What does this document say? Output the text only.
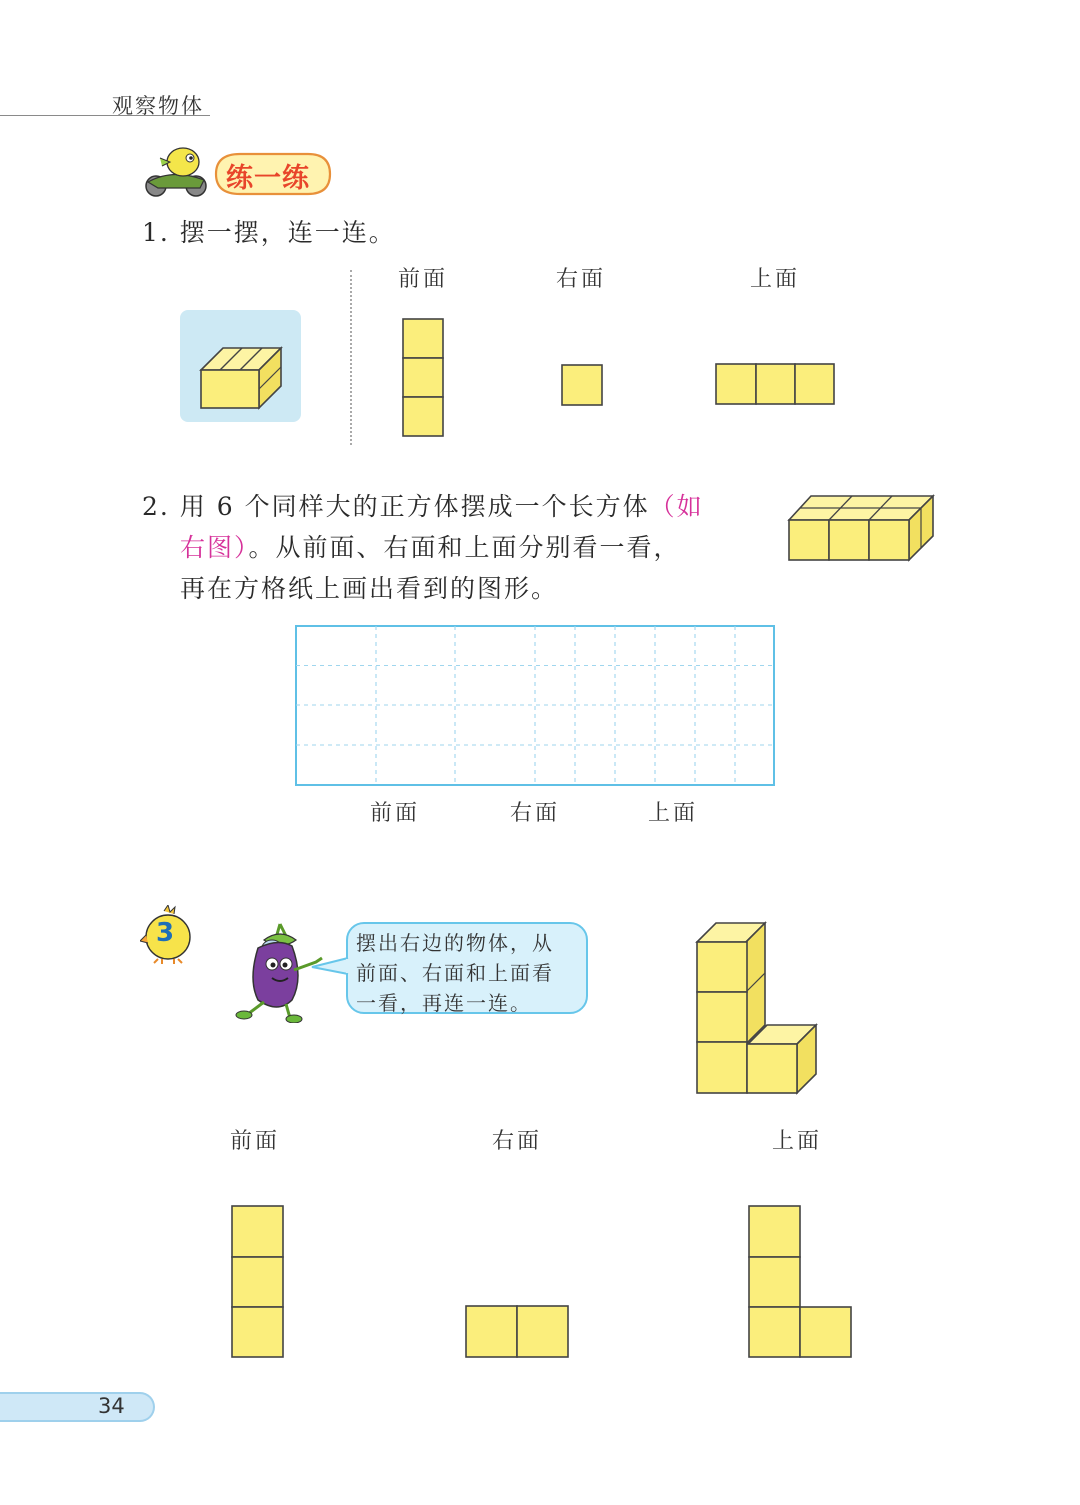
观察物体
练一练
1. 摆一摆，连一连。
前面	右面	上面
2. 用 6 个同样大的正方体摆成一个长方体（如
右图）。从前面、右面和上面分别看一看，
再在方格纸上画出看到的图形。
前面	右面	上面
3	摆出右边的物体，从
前面、右面和上面看
一看，再连一连。
前面	右面	上面
34
